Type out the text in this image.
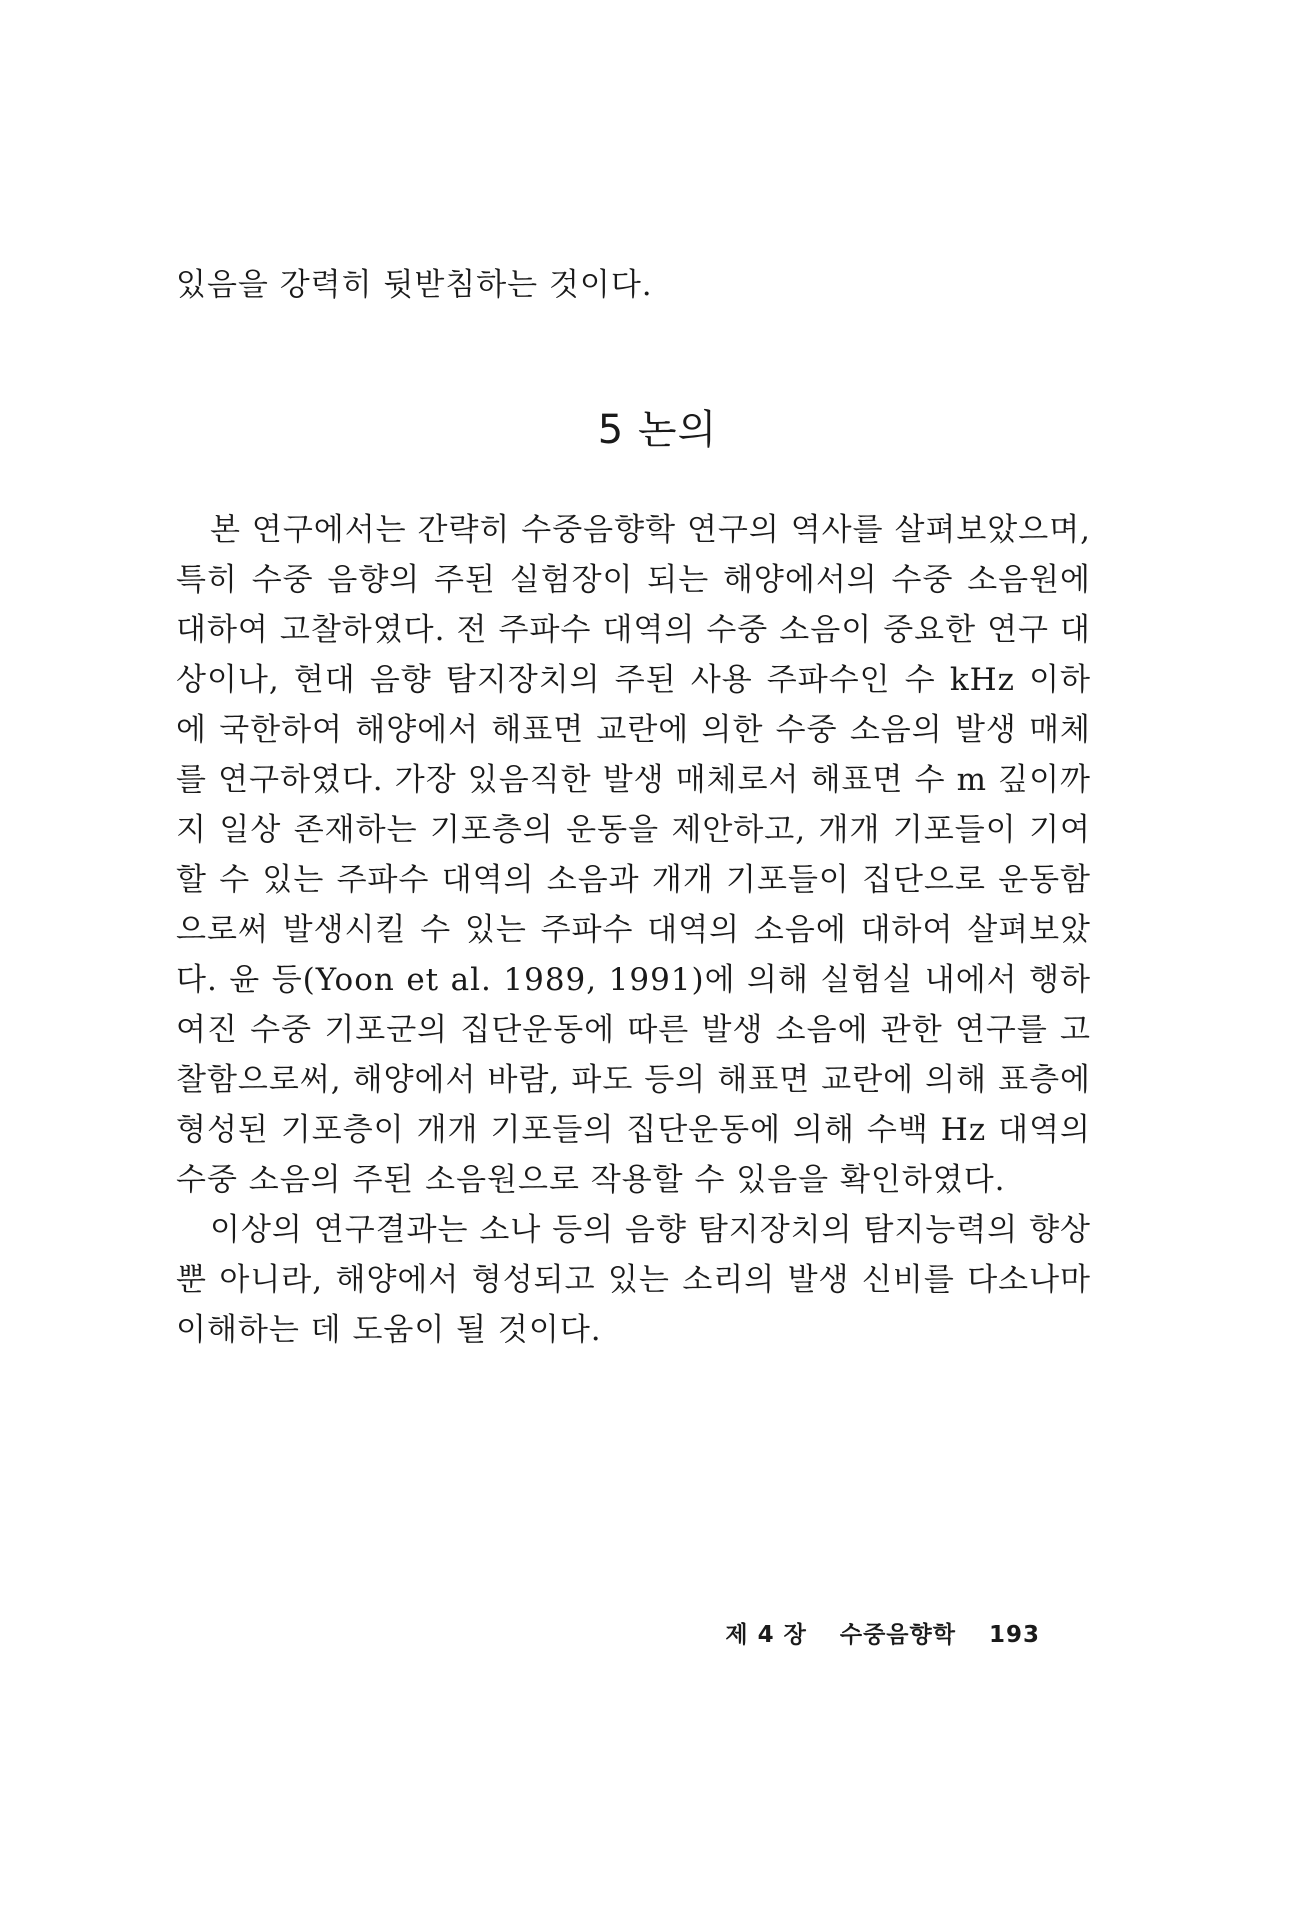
있음을 강력히 뒷받침하는 것이다.
5 논의

본 연구에서는 간략히 수중음향학 연구의 역사를 살펴보았으며, 특히 수중 음향의 주된 실험장이 되는 해양에서의 수중 소음원에 대하여 고찰하였다. 전 주파수 대역의 수중 소음이 중요한 연구 대상이나, 현대 음향 탐지장치의 주된 사용 주파수인 수 kHz 이하에 국한하여 해양에서 해표면 교란에 의한 수중 소음의 발생 매체를 연구하였다. 가장 있음직한 발생 매체로서 해표면 수 m 깊이까지 일상 존재하는 기포층의 운동을 제안하고, 개개 기포들이 기여할 수 있는 주파수 대역의 소음과 개개 기포들이 집단으로 운동함으로써 발생시킬 수 있는 주파수 대역의 소음에 대하여 살펴보았다. 윤 등(Yoon et al. 1989, 1991)에 의해 실험실 내에서 행하여진 수중 기포군의 집단운동에 따른 발생 소음에 관한 연구를 고찰함으로써, 해양에서 바람, 파도 등의 해표면 교란에 의해 표층에 형성된 기포층이 개개 기포들의 집단운동에 의해 수백 Hz 대역의 수중 소음의 주된 소음원으로 작용할 수 있음을 확인하였다.

이상의 연구결과는 소나 등의 음향 탐지장치의 탐지능력의 향상뿐 아니라, 해양에서 형성되고 있는 소리의 발생 신비를 다소나마 이해하는 데 도움이 될 것이다.

제 4 장 수중음향학 193
